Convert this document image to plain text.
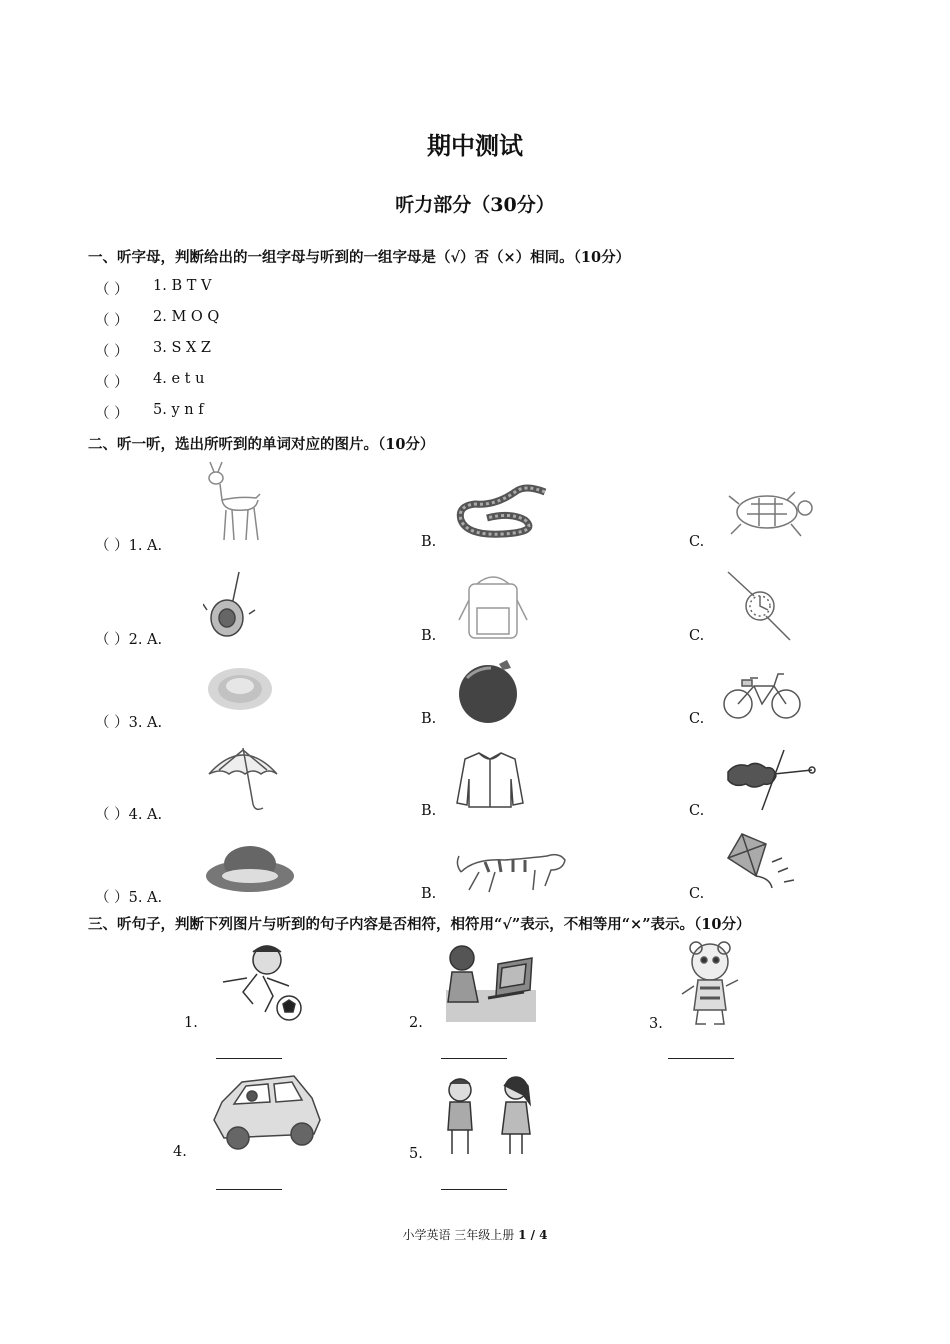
期中测试
听力部分（30分）
一、听字母，判断给出的一组字母与听到的一组字母是（√）否（×）相同。（10分）
（ ） 1. B T V
（ ） 2. M O Q
（ ） 3. S X Z
（ ） 4. e t u
（ ） 5. y n f
二、听一听，选出所听到的单词对应的图片。（10分）
（ ）1. A.	B.	C.
（ ）2. A.	B.	C.
（ ）3. A.	B.	C.
（ ）4. A.	B.	C.
（ ）5. A.	B.	C.
三、听句子，判断下列图片与听到的句子内容是否相符，相符用“√”表示，不相等用“×”表示。（10分）
1.	2.	3.
4.	5.
小学英语 三年级上册 1 / 4
